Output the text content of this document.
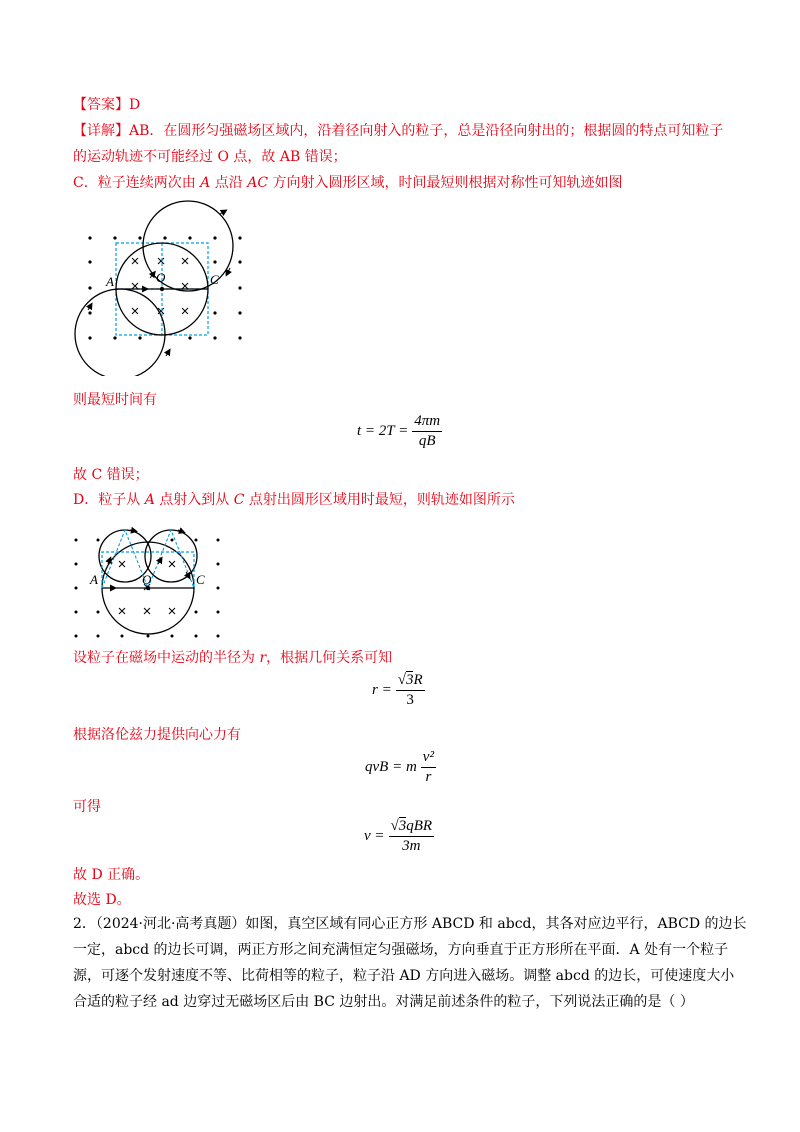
【答案】D
【详解】AB．在圆形匀强磁场区域内，沿着径向射入的粒子，总是沿径向射出的；根据圆的特点可知粒子
的运动轨迹不可能经过 O 点，故 AB 错误；
C．粒子连续两次由 A 点沿 AC 方向射入圆形区域，时间最短则根据对称性可知轨迹如图
A	O	C
则最短时间有
$t = 2T = \frac{4\pi m}{qB}$
故 C 错误；
D．粒子从 A 点射入到从 C 点射出圆形区域用时最短，则轨迹如图所示
A	O	C
设粒子在磁场中运动的半径为 r，根据几何关系可知
$r = \frac{√3R}{3}$
根据洛伦兹力提供向心力有
qvB = m $\frac{\text{v²}}{r}$
可得
$v = \frac{\text{√3qBR}}{3m}$
故 D 正确。
故选 D。
2．（2024·河北·高考真题）如图，真空区域有同心正方形 ABCD 和 abcd，其各对应边平行，ABCD 的边长
一定，abcd 的边长可调，两正方形之间充满恒定匀强磁场，方向垂直于正方形所在平面．A 处有一个粒子
源，可逐个发射速度不等、比荷相等的粒子，粒子沿 AD 方向进入磁场。调整 abcd 的边长，可使速度大小
合适的粒子经 ad 边穿过无磁场区后由 BC 边射出。对满足前述条件的粒子，下列说法正确的是（ ）
